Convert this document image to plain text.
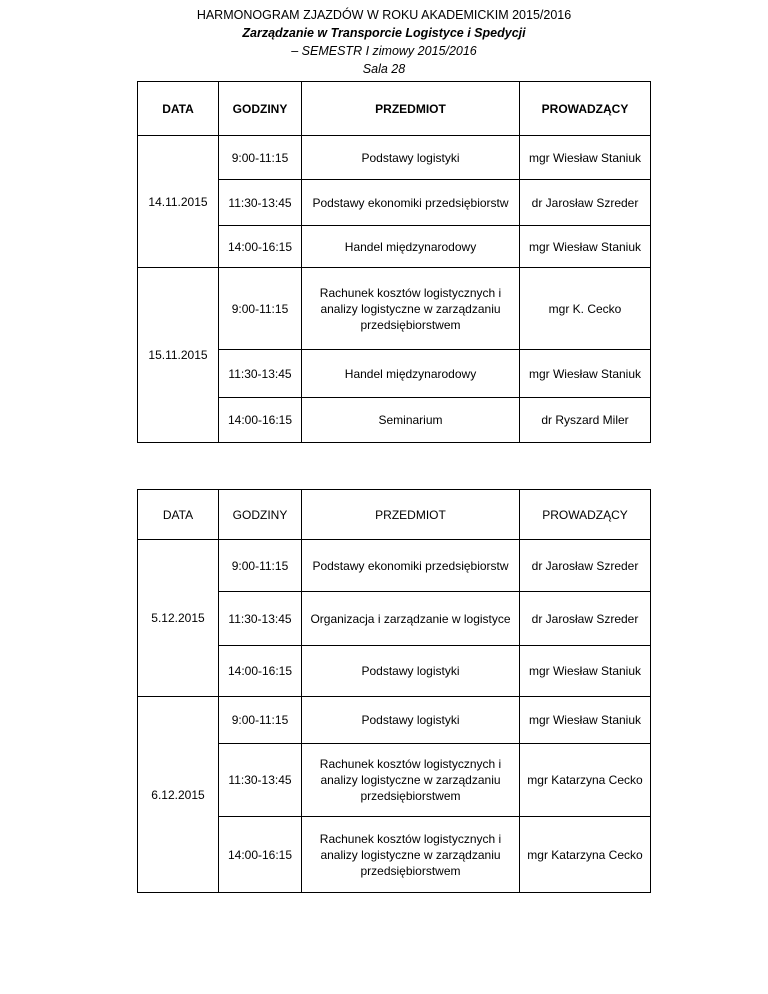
HARMONOGRAM ZJAZDÓW W ROKU AKADEMICKIM 2015/2016
Zarządzanie w Transporcie Logistyce i Spedycji
– SEMESTR I zimowy 2015/2016
Sala 28
DATA	GODZINY	PRZEDMIOT	PROWADZĄCY
14.11.2015	9:00-11:15	Podstawy logistyki	mgr Wiesław Staniuk
	11:30-13:45	Podstawy ekonomiki przedsiębiorstw	dr Jarosław Szreder
	14:00-16:15	Handel międzynarodowy	mgr Wiesław Staniuk
15.11.2015	9:00-11:15	Rachunek kosztów logistycznych i analizy logistyczne w zarządzaniu przedsiębiorstwem	mgr K. Cecko
	11:30-13:45	Handel międzynarodowy	mgr Wiesław Staniuk
	14:00-16:15	Seminarium	dr Ryszard Miler
DATA	GODZINY	PRZEDMIOT	PROWADZĄCY
5.12.2015	9:00-11:15	Podstawy ekonomiki przedsiębiorstw	dr Jarosław Szreder
	11:30-13:45	Organizacja i zarządzanie w logistyce	dr Jarosław Szreder
	14:00-16:15	Podstawy logistyki	mgr Wiesław Staniuk
6.12.2015	9:00-11:15	Podstawy logistyki	mgr Wiesław Staniuk
	11:30-13:45	Rachunek kosztów logistycznych i analizy logistyczne w zarządzaniu przedsiębiorstwem	mgr Katarzyna Cecko
	14:00-16:15	Rachunek kosztów logistycznych i analizy logistyczne w zarządzaniu przedsiębiorstwem	mgr Katarzyna Cecko
